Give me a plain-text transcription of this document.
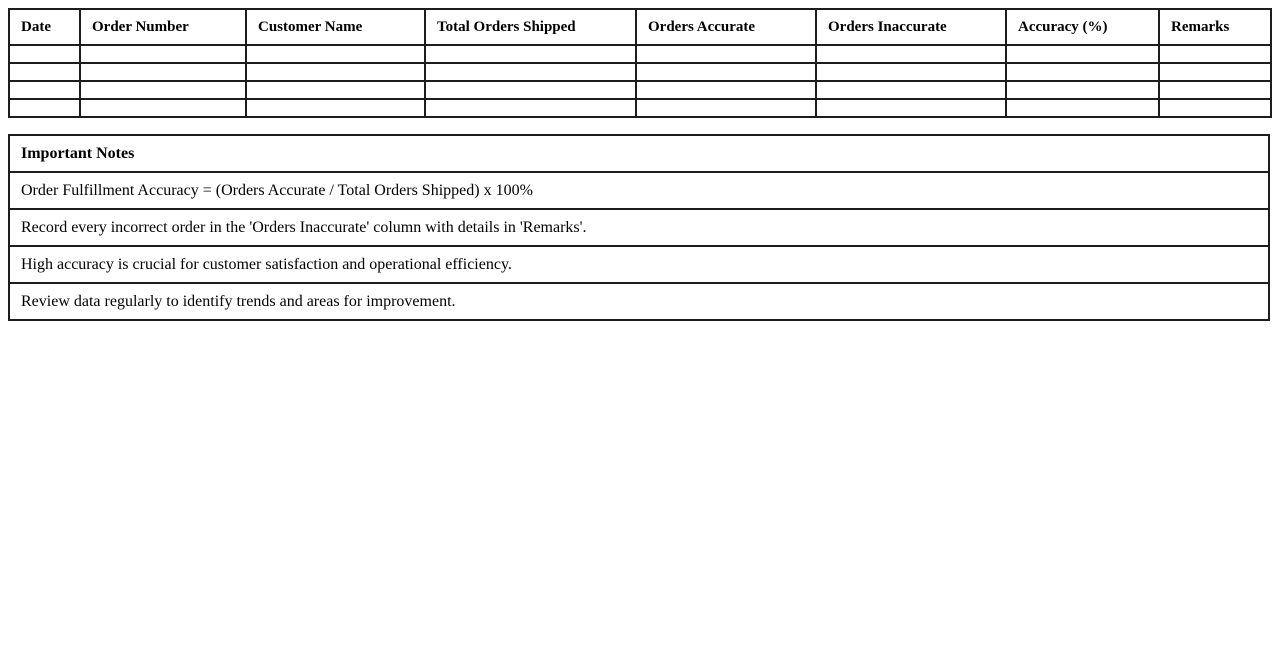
Date	Order Number	Customer Name	Total Orders Shipped	Orders Accurate	Orders Inaccurate	Accuracy (%)	Remarks

Important Notes
Order Fulfillment Accuracy = (Orders Accurate / Total Orders Shipped) x 100%
Record every incorrect order in the 'Orders Inaccurate' column with details in 'Remarks'.
High accuracy is crucial for customer satisfaction and operational efficiency.
Review data regularly to identify trends and areas for improvement.
